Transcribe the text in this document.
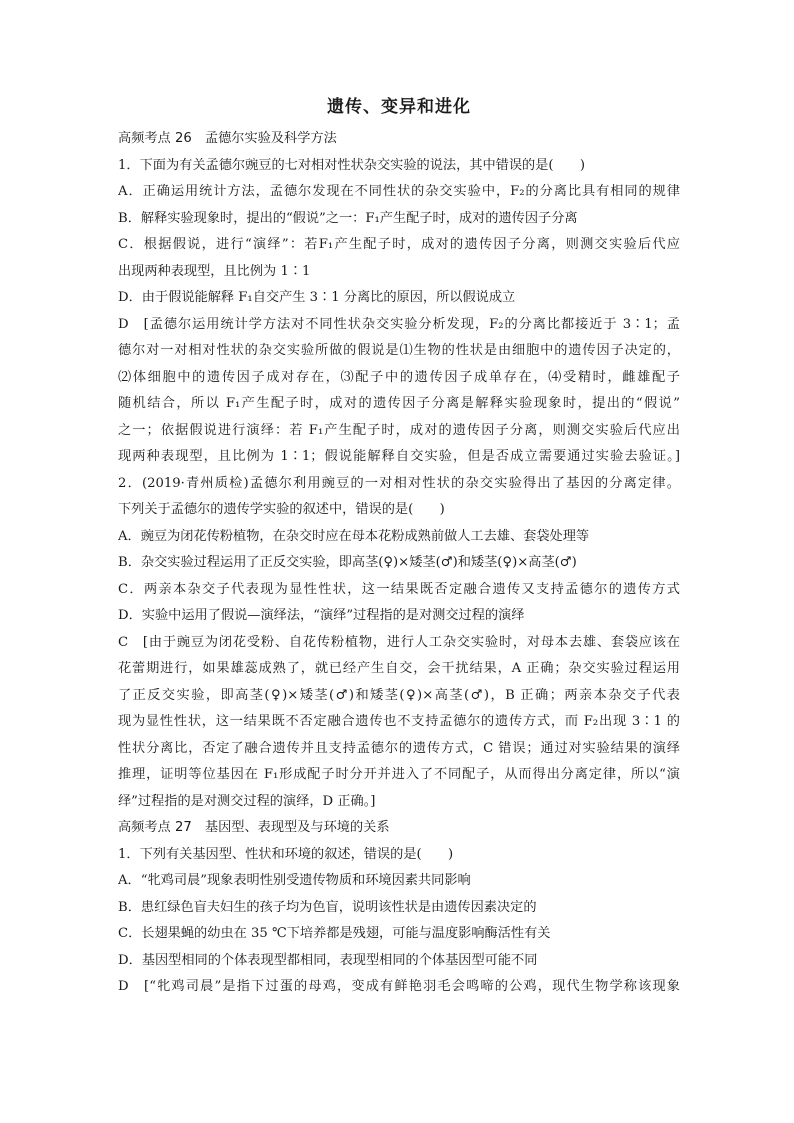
遗传、变异和进化
高频考点 26　孟德尔实验及科学方法
1．下面为有关孟德尔豌豆的七对相对性状杂交实验的说法，其中错误的是(　　)
A．正确运用统计方法，孟德尔发现在不同性状的杂交实验中，F₂的分离比具有相同的规律
B．解释实验现象时，提出的“假说”之一：F₁产生配子时，成对的遗传因子分离
C．根据假说，进行“演绎”：若F₁产生配子时，成对的遗传因子分离，则测交实验后代应
出现两种表现型，且比例为 1∶1
D．由于假说能解释 F₁自交产生 3∶1 分离比的原因，所以假说成立
D　[孟德尔运用统计学方法对不同性状杂交实验分析发现，F₂的分离比都接近于 3∶1；孟
德尔对一对相对性状的杂交实验所做的假说是⑴生物的性状是由细胞中的遗传因子决定的，
⑵体细胞中的遗传因子成对存在，⑶配子中的遗传因子成单存在，⑷受精时，雌雄配子
随机结合，所以 F₁产生配子时，成对的遗传因子分离是解释实验现象时，提出的“假说”
之一；依据假说进行演绎：若 F₁产生配子时，成对的遗传因子分离，则测交实验后代应出
现两种表现型，且比例为 1∶1；假说能解释自交实验，但是否成立需要通过实验去验证。]
2．(2019·青州质检)孟德尔利用豌豆的一对相对性状的杂交实验得出了基因的分离定律。
下列关于孟德尔的遗传学实验的叙述中，错误的是(　　)
A．豌豆为闭花传粉植物，在杂交时应在母本花粉成熟前做人工去雄、套袋处理等
B．杂交实验过程运用了正反交实验，即高茎(♀)×矮茎(♂)和矮茎(♀)×高茎(♂)
C．两亲本杂交子代表现为显性性状，这一结果既否定融合遗传又支持孟德尔的遗传方式
D．实验中运用了假说—演绎法，“演绎”过程指的是对测交过程的演绎
C　[由于豌豆为闭花受粉、自花传粉植物，进行人工杂交实验时，对母本去雄、套袋应该在
花蕾期进行，如果雄蕊成熟了，就已经产生自交，会干扰结果，A 正确；杂交实验过程运用
了正反交实验，即高茎(♀)×矮茎(♂)和矮茎(♀)×高茎(♂)，B 正确；两亲本杂交子代表
现为显性性状，这一结果既不否定融合遗传也不支持孟德尔的遗传方式，而 F₂出现 3∶1 的
性状分离比，否定了融合遗传并且支持孟德尔的遗传方式，C 错误；通过对实验结果的演绎
推理，证明等位基因在 F₁形成配子时分开并进入了不同配子，从而得出分离定律，所以“演
绎”过程指的是对测交过程的演绎，D 正确。]
高频考点 27　基因型、表现型及与环境的关系
1．下列有关基因型、性状和环境的叙述，错误的是(　　)
A．“牝鸡司晨”现象表明性别受遗传物质和环境因素共同影响
B．患红绿色盲夫妇生的孩子均为色盲，说明该性状是由遗传因素决定的
C．长翅果蝇的幼虫在 35 ℃下培养都是残翅，可能与温度影响酶活性有关
D．基因型相同的个体表现型都相同，表现型相同的个体基因型可能不同
D　[“牝鸡司晨”是指下过蛋的母鸡，变成有鲜艳羽毛会鸣啼的公鸡，现代生物学称该现象
